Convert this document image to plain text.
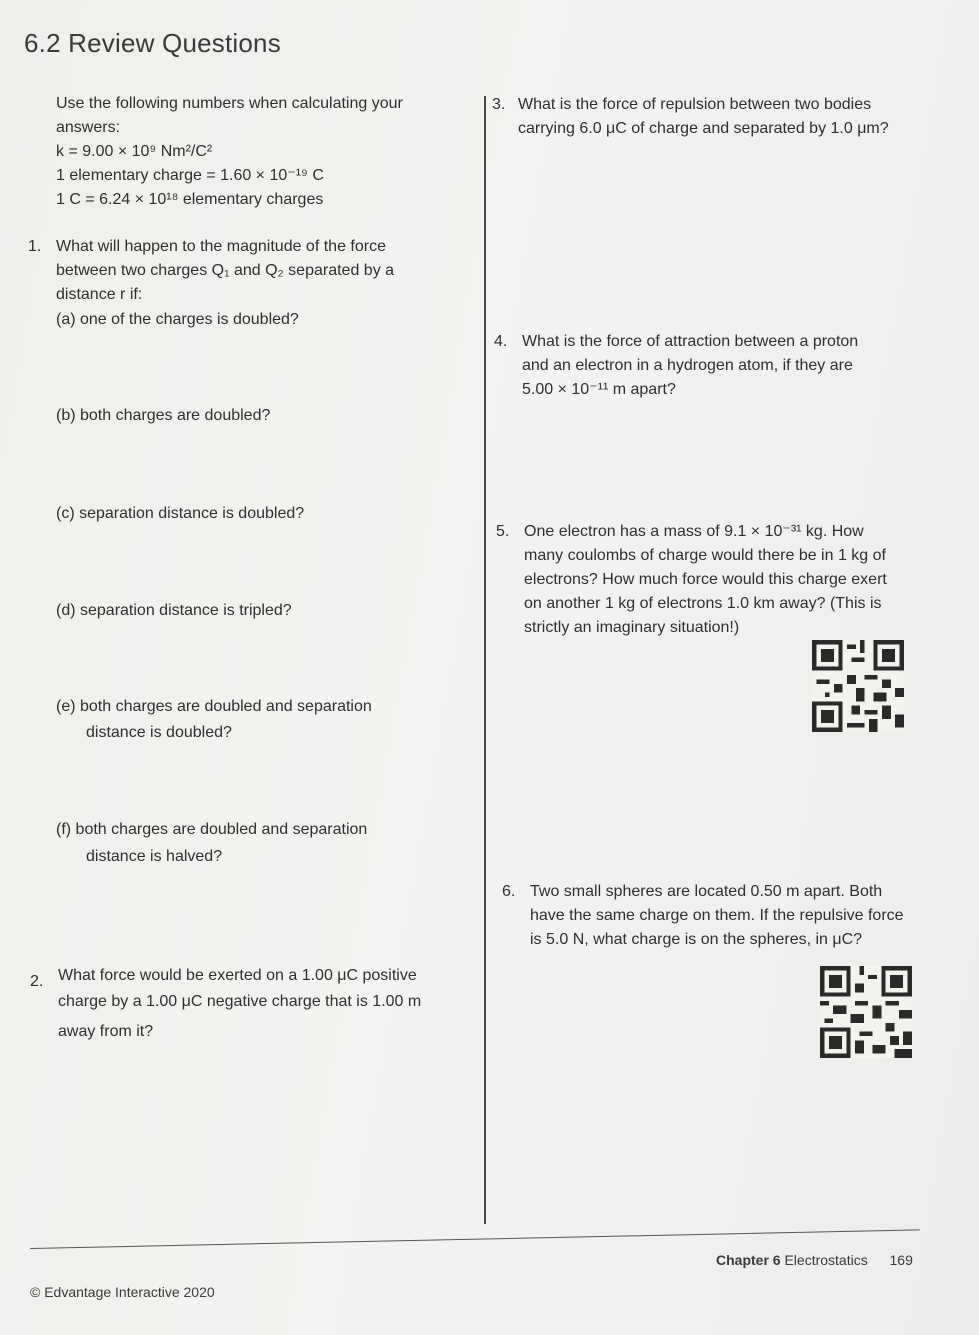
6.2 Review Questions
Use the following numbers when calculating your
answers:
k = 9.00 × 10⁹ Nm²/C²
1 elementary charge = 1.60 × 10⁻¹⁹ C
1 C = 6.24 × 10¹⁸ elementary charges
1. What will happen to the magnitude of the force
between two charges Q₁ and Q₂ separated by a
distance r if:
(a) one of the charges is doubled?
(b) both charges are doubled?
(c) separation distance is doubled?
(d) separation distance is tripled?
(e) both charges are doubled and separation
distance is doubled?
(f) both charges are doubled and separation
distance is halved?
2. What force would be exerted on a 1.00 μC positive
charge by a 1.00 μC negative charge that is 1.00 m
away from it?
3. What is the force of repulsion between two bodies
carrying 6.0 μC of charge and separated by 1.0 μm?
4. What is the force of attraction between a proton
and an electron in a hydrogen atom, if they are
5.00 × 10⁻¹¹ m apart?
5. One electron has a mass of 9.1 × 10⁻³¹ kg. How
many coulombs of charge would there be in 1 kg of
electrons? How much force would this charge exert
on another 1 kg of electrons 1.0 km away? (This is
strictly an imaginary situation!)
6. Two small spheres are located 0.50 m apart. Both
have the same charge on them. If the repulsive force
is 5.0 N, what charge is on the spheres, in μC?
© Edvantage Interactive 2020
Chapter 6 Electrostatics 169
